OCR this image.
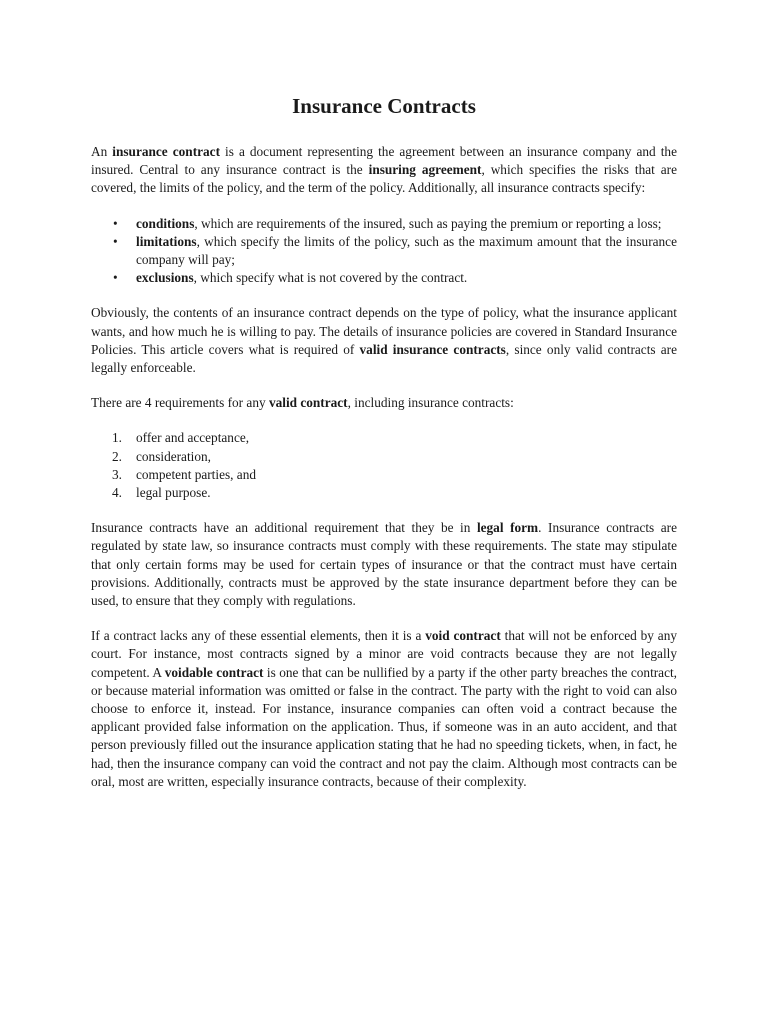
Insurance Contracts

An insurance contract is a document representing the agreement between an insurance company and the insured. Central to any insurance contract is the insuring agreement, which specifies the risks that are covered, the limits of the policy, and the term of the policy. Additionally, all insurance contracts specify:

• conditions, which are requirements of the insured, such as paying the premium or reporting a loss;
• limitations, which specify the limits of the policy, such as the maximum amount that the insurance company will pay;
• exclusions, which specify what is not covered by the contract.

Obviously, the contents of an insurance contract depends on the type of policy, what the insurance applicant wants, and how much he is willing to pay. The details of insurance policies are covered in Standard Insurance Policies. This article covers what is required of valid insurance contracts, since only valid contracts are legally enforceable.

There are 4 requirements for any valid contract, including insurance contracts:

1. offer and acceptance,
2. consideration,
3. competent parties, and
4. legal purpose.

Insurance contracts have an additional requirement that they be in legal form. Insurance contracts are regulated by state law, so insurance contracts must comply with these requirements. The state may stipulate that only certain forms may be used for certain types of insurance or that the contract must have certain provisions. Additionally, contracts must be approved by the state insurance department before they can be used, to ensure that they comply with regulations.

If a contract lacks any of these essential elements, then it is a void contract that will not be enforced by any court. For instance, most contracts signed by a minor are void contracts because they are not legally competent. A voidable contract is one that can be nullified by a party if the other party breaches the contract, or because material information was omitted or false in the contract. The party with the right to void can also choose to enforce it, instead. For instance, insurance companies can often void a contract because the applicant provided false information on the application. Thus, if someone was in an auto accident, and that person previously filled out the insurance application stating that he had no speeding tickets, when, in fact, he had, then the insurance company can void the contract and not pay the claim. Although most contracts can be oral, most are written, especially insurance contracts, because of their complexity.
